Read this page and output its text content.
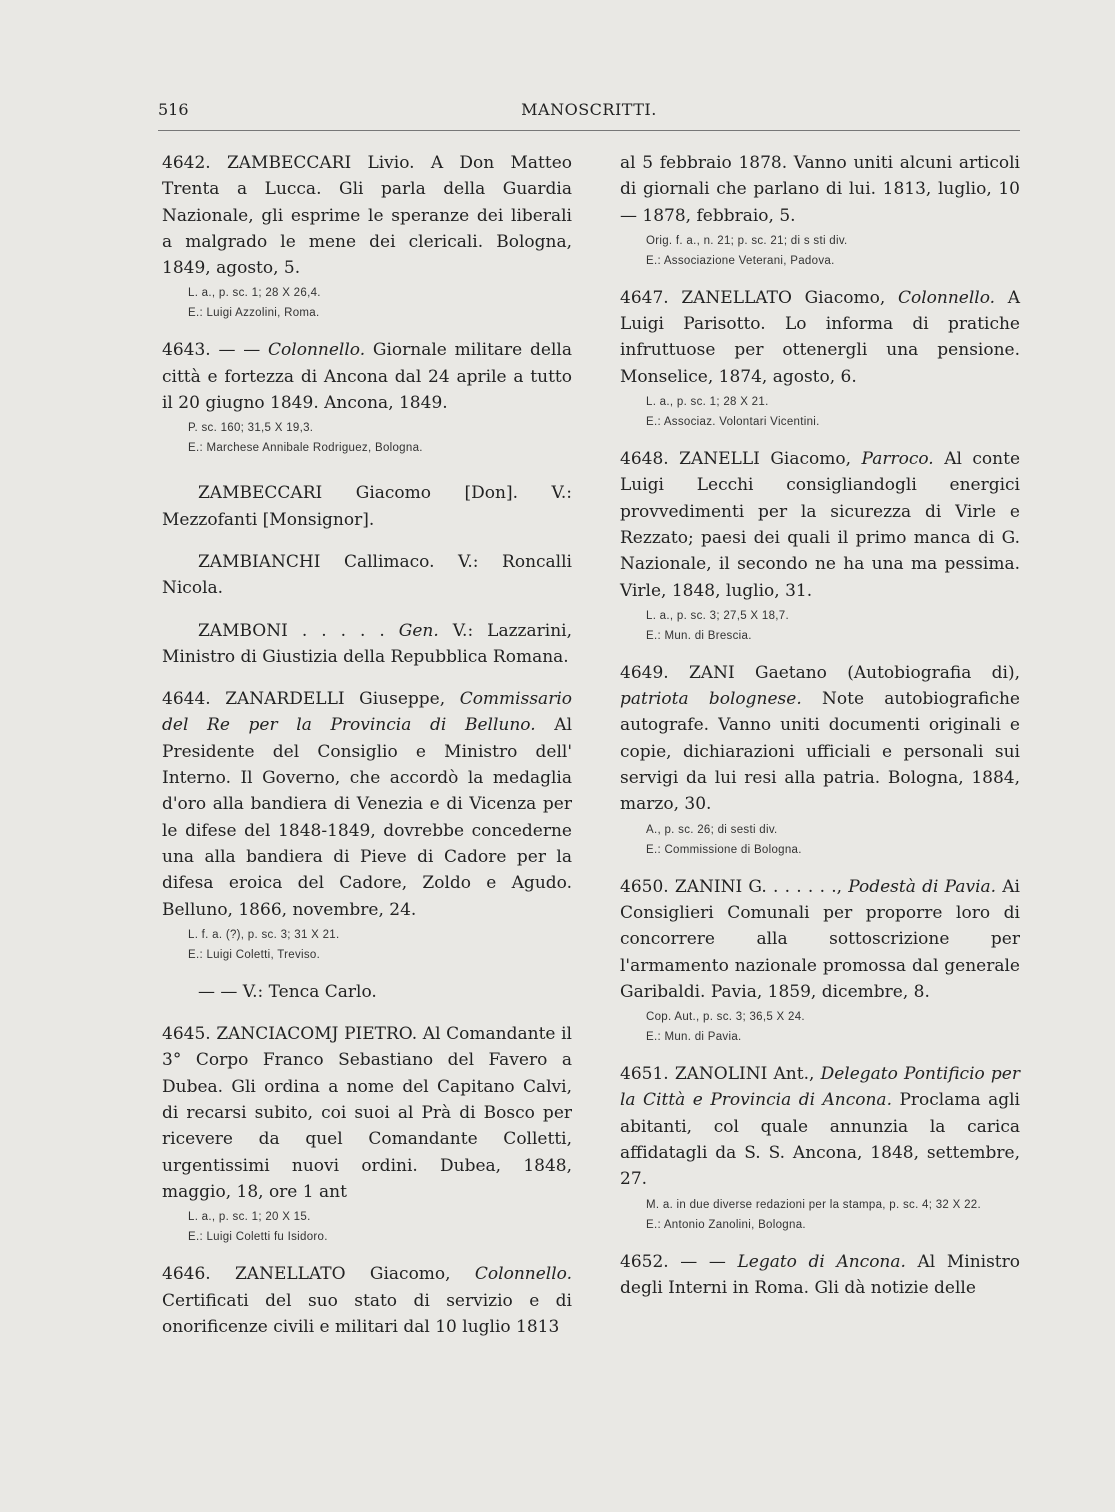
516	MANOSCRITTI.

4642. ZAMBECCARI Livio. A Don Matteo Trenta a Lucca. Gli parla della Guardia Nazionale, gli esprime le speranze dei liberali a malgrado le mene dei clericali. Bologna, 1849, agosto, 5.

L. a., p. sc. 1; 28 X 26,4.
E.: Luigi Azzolini, Roma.

4643. — — Colonnello. Giornale militare della città e fortezza di Ancona dal 24 aprile a tutto il 20 giugno 1849. Ancona, 1849.

P. sc. 160; 31,5 X 19,3.
E.: Marchese Annibale Rodriguez, Bologna.

ZAMBECCARI Giacomo [Don]. V.: Mezzofanti [Monsignor].

ZAMBIANCHI Callimaco. V.: Roncalli Nicola.

ZAMBONI . . . . . Gen. V.: Lazzarini, Ministro di Giustizia della Repubblica Romana.

4644. ZANARDELLI Giuseppe, Commissario del Re per la Provincia di Belluno. Al Presidente del Consiglio e Ministro dell' Interno. Il Governo, che accordò la medaglia d'oro alla bandiera di Venezia e di Vicenza per le difese del 1848-1849, dovrebbe concederne una alla bandiera di Pieve di Cadore per la difesa eroica del Cadore, Zoldo e Agudo. Belluno, 1866, novembre, 24.

L. f. a. (?), p. sc. 3; 31 X 21.
E.: Luigi Coletti, Treviso.

— — V.: Tenca Carlo.

4645. ZANCIACOMJ PIETRO. Al Comandante il 3° Corpo Franco Sebastiano del Favero a Dubea. Gli ordina a nome del Capitano Calvi, di recarsi subito, coi suoi al Prà di Bosco per ricevere da quel Comandante Colletti, urgentissimi nuovi ordini. Dubea, 1848, maggio, 18, ore 1 ant

L. a., p. sc. 1; 20 X 15.
E.: Luigi Coletti fu Isidoro.

4646. ZANELLATO Giacomo, Colonnello. Certificati del suo stato di servizio e di onorificenze civili e militari dal 10 luglio 1813

al 5 febbraio 1878. Vanno uniti alcuni articoli di giornali che parlano di lui. 1813, luglio, 10 — 1878, febbraio, 5.

Orig. f. a., n. 21; p. sc. 21; di s sti div.
E.: Associazione Veterani, Padova.

4647. ZANELLATO Giacomo, Colonnello. A Luigi Parisotto. Lo informa di pratiche infruttuose per ottenergli una pensione. Monselice, 1874, agosto, 6.

L. a., p. sc. 1; 28 X 21.
E.: Associaz. Volontari Vicentini.

4648. ZANELLI Giacomo, Parroco. Al conte Luigi Lecchi consigliandogli energici provvedimenti per la sicurezza di Virle e Rezzato; paesi dei quali il primo manca di G. Nazionale, il secondo ne ha una ma pessima. Virle, 1848, luglio, 31.

L. a., p. sc. 3; 27,5 X 18,7.
E.: Mun. di Brescia.

4649. ZANI Gaetano (Autobiografia di), patriota bolognese. Note autobiografiche autografe. Vanno uniti documenti originali e copie, dichiarazioni ufficiali e personali sui servigi da lui resi alla patria. Bologna, 1884, marzo, 30.

A., p. sc. 26; di sesti div.
E.: Commissione di Bologna.

4650. ZANINI G. . . . . . ., Podestà di Pavia. Ai Consiglieri Comunali per proporre loro di concorrere alla sottoscrizione per l'armamento nazionale promossa dal generale Garibaldi. Pavia, 1859, dicembre, 8.

Cop. Aut., p. sc. 3; 36,5 X 24.
E.: Mun. di Pavia.

4651. ZANOLINI Ant., Delegato Pontificio per la Città e Provincia di Ancona. Proclama agli abitanti, col quale annunzia la carica affidatagli da S. S. Ancona, 1848, settembre, 27.

M. a. in due diverse redazioni per la stampa, p. sc. 4; 32 X 22.
E.: Antonio Zanolini, Bologna.

4652. — — Legato di Ancona. Al Ministro degli Interni in Roma. Gli dà notizie delle
